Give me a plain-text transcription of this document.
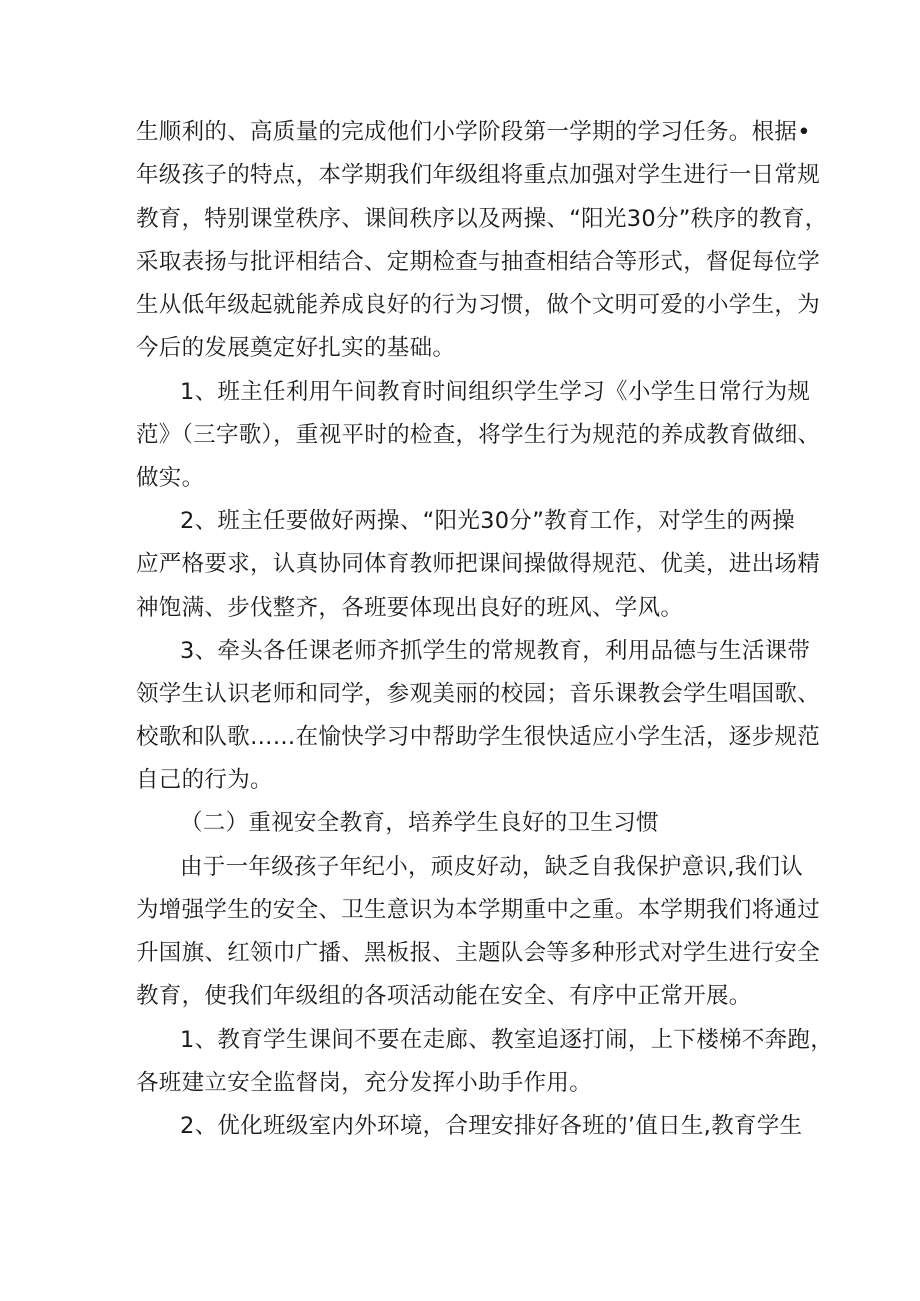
生顺利的、高质量的完成他们小学阶段第一学期的学习任务。根据•
年级孩子的特点，本学期我们年级组将重点加强对学生进行一日常规
教育，特别课堂秩序、课间秩序以及两操、“阳光30分”秩序的教育，
采取表扬与批评相结合、定期检查与抽查相结合等形式，督促每位学
生从低年级起就能养成良好的行为习惯，做个文明可爱的小学生，为
今后的发展奠定好扎实的基础。
1、班主任利用午间教育时间组织学生学习《小学生日常行为规
范》（三字歌），重视平时的检查，将学生行为规范的养成教育做细、
做实。
2、班主任要做好两操、“阳光30分”教育工作，对学生的两操
应严格要求，认真协同体育教师把课间操做得规范、优美，进出场精
神饱满、步伐整齐，各班要体现出良好的班风、学风。
3、牵头各任课老师齐抓学生的常规教育，利用品德与生活课带
领学生认识老师和同学，参观美丽的校园；音乐课教会学生唱国歌、
校歌和队歌……在愉快学习中帮助学生很快适应小学生活，逐步规范
自己的行为。
（二）重视安全教育，培养学生良好的卫生习惯
由于一年级孩子年纪小，顽皮好动，缺乏自我保护意识,我们认
为增强学生的安全、卫生意识为本学期重中之重。本学期我们将通过
升国旗、红领巾广播、黑板报、主题队会等多种形式对学生进行安全
教育，使我们年级组的各项活动能在安全、有序中正常开展。
1、教育学生课间不要在走廊、教室追逐打闹，上下楼梯不奔跑，
各班建立安全监督岗，充分发挥小助手作用。
2、优化班级室内外环境，合理安排好各班的’值日生,教育学生
